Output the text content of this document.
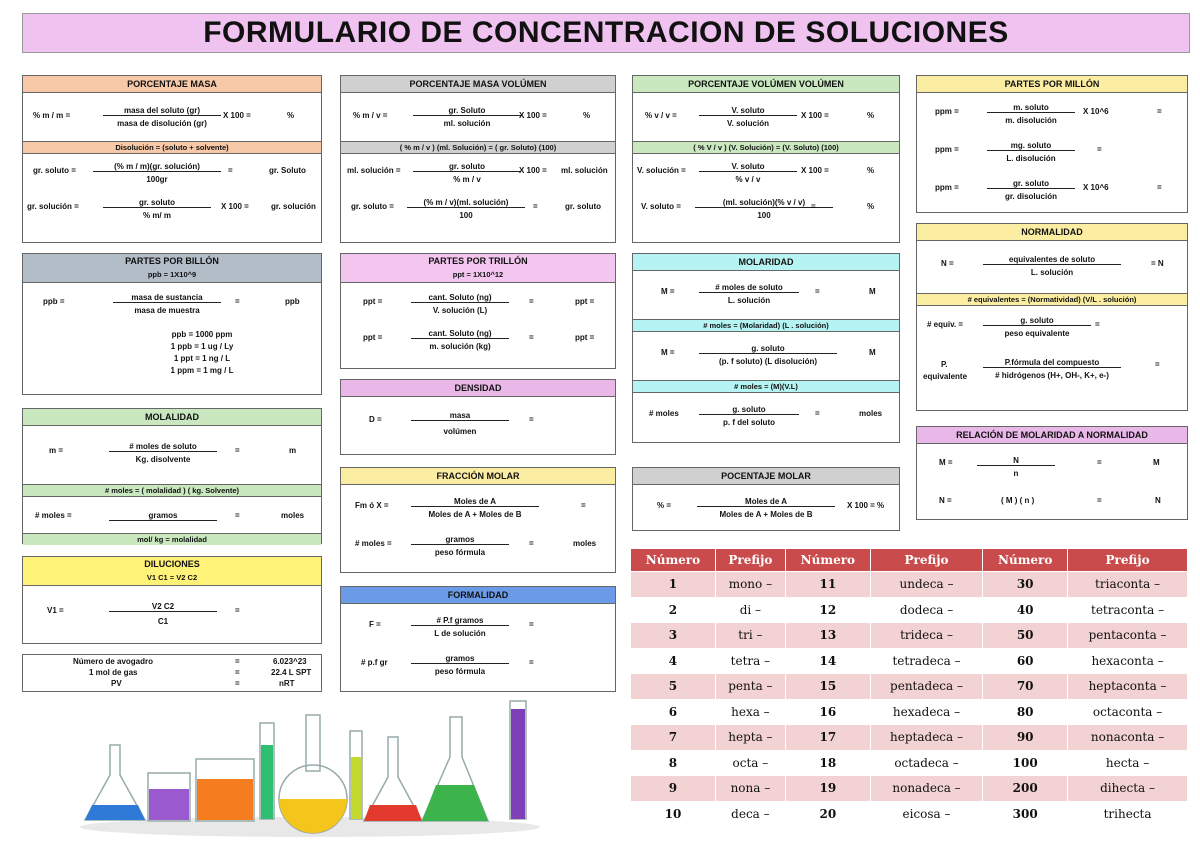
FORMULARIO DE CONCENTRACION DE SOLUCIONES
PORCENTAJE MASA
% m / m =
masa del soluto (gr)
masa de disolución (gr)
X 100 =	%
Disolución = (soluto + solvente)
gr. soluto =	(% m / m)(gr. solución)
100gr
=	gr. Soluto
gr. solución =	gr. soluto
% m/ m
X 100 =	gr. solución
PORCENTAJE MASA VOLÚMEN
% m / v =
gr. Soluto
ml. solución
X 100 =	%
( % m / v ) (ml. Solución) = ( gr. Soluto) (100)
ml. solución =	gr. soluto
% m / v
X 100 = ml. solución
gr. soluto =	(% m / v)(ml. solución)
100
=	gr. soluto
PORCENTAJE VOLÚMEN VOLÚMEN
% v / v =
V. soluto
V. solución
X 100 =	%
( % V / v ) (V. Solución) = (V. Soluto) (100)
V. solución =	V. soluto
% v / v
X 100 =	%
V. soluto =	(ml. solución)(% v / v)
100
=	%
PARTES POR MILLÓN
ppm =	m. soluto
m. disolución
X 10^6	=
ppm =	mg. soluto
L. disolución
=
ppm =	gr. soluto
gr. disolución
X 10^6	=
PARTES POR BILLÓN
ppb = 1X10^9
ppb =	masa de sustancia
masa de muestra
=	ppb
ppb = 1000 ppm
1 ppb = 1 ug / Ly
1 ppt = 1 ng / L
1 ppm = 1 mg / L
PARTES POR TRILLÓN
ppt = 1X10^12
ppt =	cant. Soluto (ng)
V. solución (L)
=	ppt =
ppt =	cant. Soluto (ng)
m. solución (kg)
=	ppt =
MOLARIDAD
M =	# moles de soluto
L. solución
=	M
# moles = (Molaridad) (L . solución)
M =	g. soluto
(p. f soluto) (L disolución)
M
# moles = (M)(V.L)
# moles	g. soluto
p. f del soluto
=	moles
NORMALIDAD
N =	equivalentes de soluto
L. solución
= N
# equivalentes = (Normatividad) (V/L . solución)
# equiv. =	g. soluto
peso equivalente
=
P.
equivalente
P.fórmula del compuesto
# hidrógenos (H+, OH-, K+, e-)
=
MOLALIDAD
m =	# moles de soluto
Kg. disolvente
=	m
# moles = ( molalidad ) ( kg. Solvente)
# moles =	gramos	=	moles
mol/ kg = molalidad
DENSIDAD
D =	masa
volúmen
=
DILUCIONES
V1 C1 = V2 C2
V1 =	V2 C2
C1
=
Número de avogadro	=	6.023^23
1 mol de gas	=	22.4 L SPT
PV	=	nRT
FRACCIÓN MOLAR
Fm ó X =	Moles de A
Moles de A + Moles de B
=
# moles =	gramos
peso fórmula
=	moles
FORMALIDAD
F =	# P.f gramos
L de solución
=
# p.f gr	gramos
peso fórmula
=
POCENTAJE MOLAR
% =	Moles de A
Moles de A + Moles de B
X 100 = %
RELACIÓN DE MOLARIDAD A NORMALIDAD
M =	N
n
=	M
N =	( M ) ( n )	=	N
Número	Prefijo	Número	Prefijo	Número	Prefijo
1	mono –	11	undeca –	30	triaconta –
2	di –	12	dodeca –	40	tetraconta –
3	tri –	13	trideca –	50	pentaconta –
4	tetra –	14	tetradeca –	60	hexaconta –
5	penta –	15	pentadeca –	70	heptaconta –
6	hexa –	16	hexadeca –	80	octaconta –
7	hepta –	17	heptadeca –	90	nonaconta –
8	octa –	18	octadeca –	100	hecta –
9	nona –	19	nonadeca –	200	dihecta –
10	deca –	20	eicosa –	300	trihecta
